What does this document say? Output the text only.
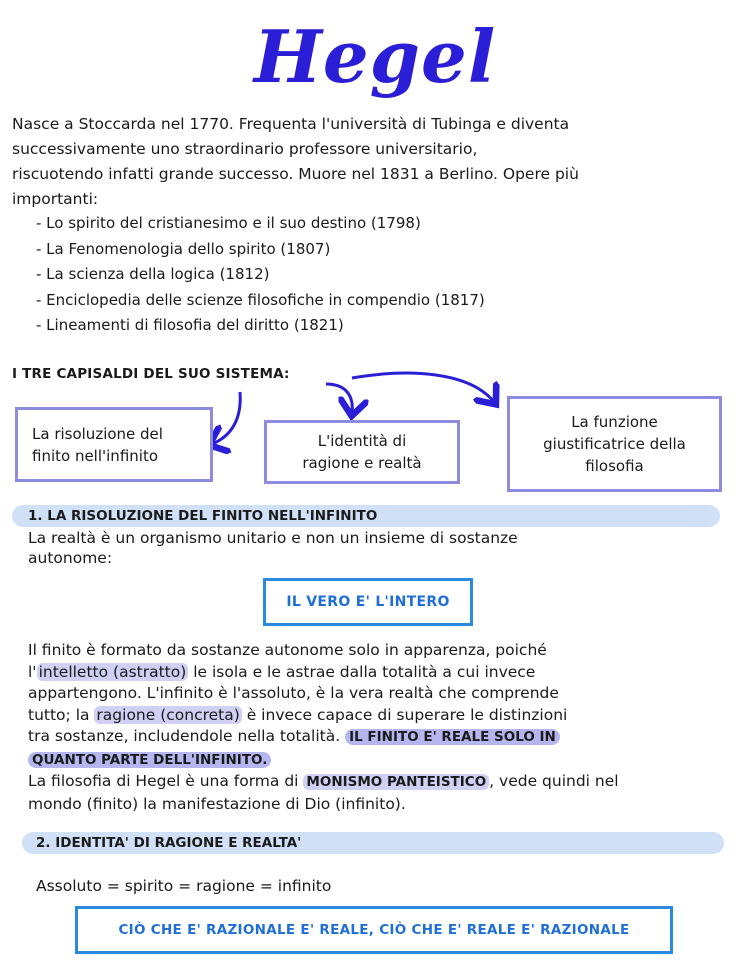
Hegel
Nasce a Stoccarda nel 1770. Frequenta l'università di Tubinga e diventa
successivamente uno straordinario professore universitario,
riscuotendo infatti grande successo. Muore nel 1831 a Berlino. Opere più
importanti:
- Lo spirito del cristianesimo e il suo destino (1798)
- La Fenomenologia dello spirito (1807)
- La scienza della logica (1812)
- Enciclopedia delle scienze filosofiche in compendio (1817)
- Lineamenti di filosofia del diritto (1821)
I TRE CAPISALDI DEL SUO SISTEMA:
La risoluzione del
finito nell'infinito
L'identità di
ragione e realtà
La funzione
giustificatrice della
filosofia
1. LA RISOLUZIONE DEL FINITO NELL'INFINITO
La realtà è un organismo unitario e non un insieme di sostanze
autonome:
IL VERO E' L'INTERO
Il finito è formato da sostanze autonome solo in apparenza, poiché
l' intelletto (astratto) le isola e le astrae dalla totalità a cui invece
appartengono. L'infinito è l'assoluto, è la vera realtà che comprende
tutto; la ragione (concreta) è invece capace di superare le distinzioni
tra sostanze, includendole nella totalità. IL FINITO E' REALE SOLO IN
QUANTO PARTE DELL'INFINITO.
La filosofia di Hegel è una forma di MONISMO PANTEISTICO , vede quindi nel
mondo (finito) la manifestazione di Dio (infinito).
2. IDENTITA' DI RAGIONE E REALTA'
Assoluto = spirito = ragione = infinito
CIÒ CHE E' RAZIONALE E' REALE, CIÒ CHE E' REALE E' RAZIONALE
